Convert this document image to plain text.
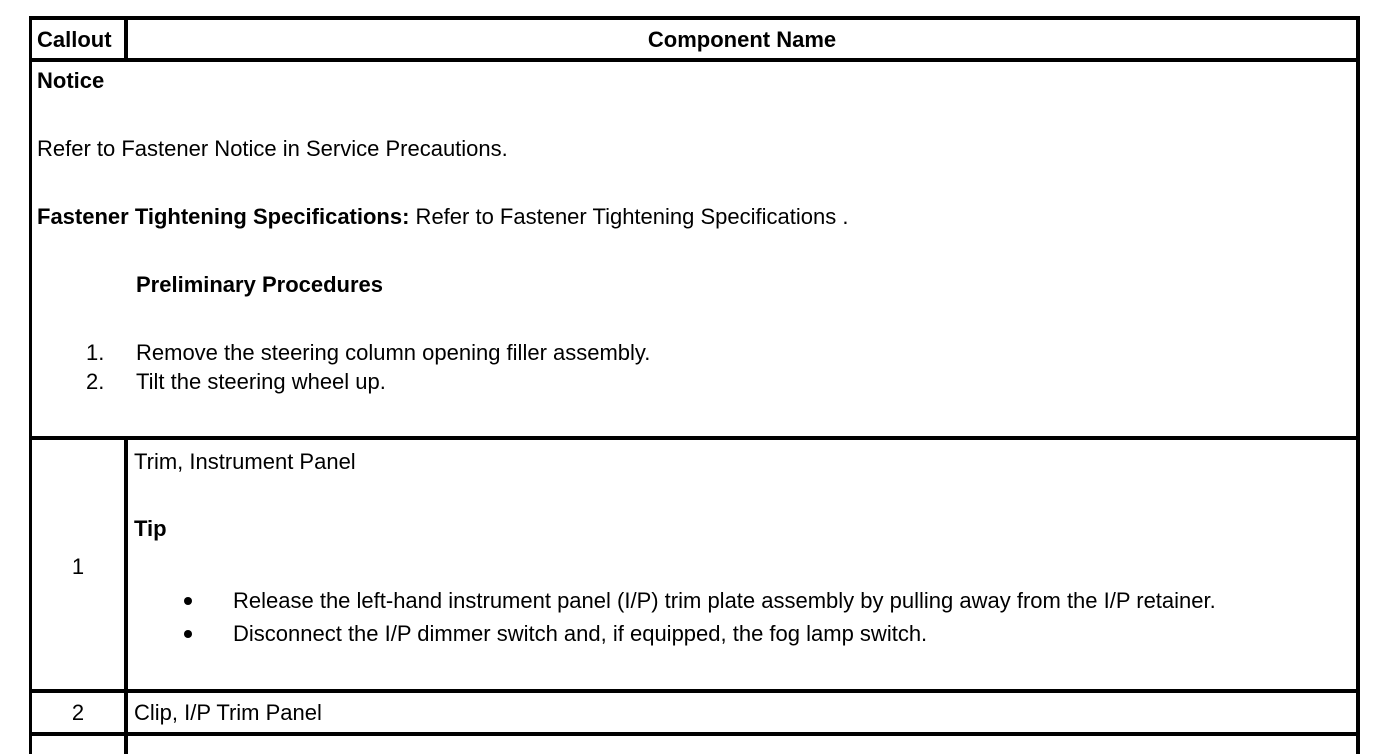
Callout	Component Name
Notice
Refer to Fastener Notice in Service Precautions.
Fastener Tightening Specifications: Refer to Fastener Tightening Specifications .
Preliminary Procedures
1. Remove the steering column opening filler assembly.
2. Tilt the steering wheel up.
1
Trim, Instrument Panel
Tip
Release the left-hand instrument panel (I/P) trim plate assembly by pulling away from the I/P retainer.
Disconnect the I/P dimmer switch and, if equipped, the fog lamp switch.
2	Clip, I/P Trim Panel
